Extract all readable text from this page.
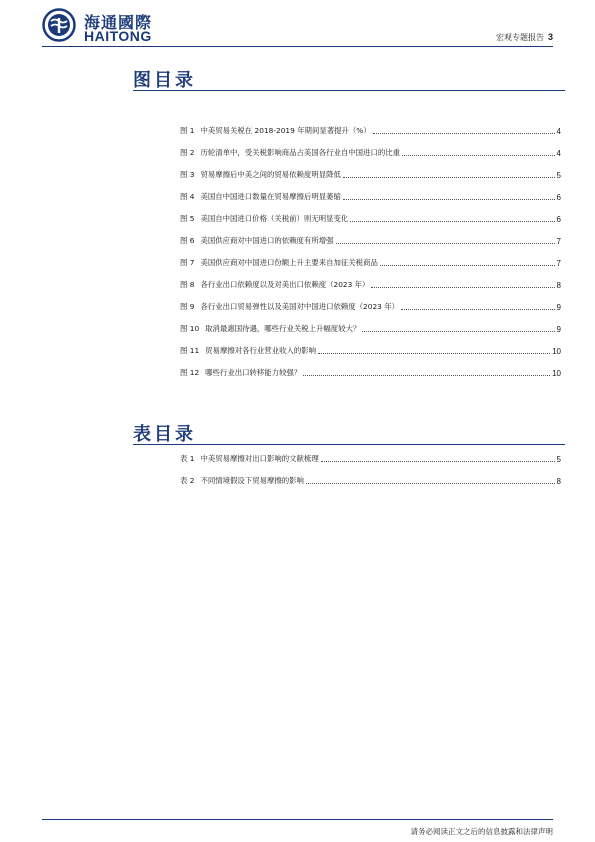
海通國際
HAITONG	宏观专题报告 3
图目录
图 1 中美贸易关税在 2018-2019 年期间显著提升（%）	4
图 2 历轮清单中，受关税影响商品占美国各行业自中国进口的比重	4
图 3 贸易摩擦后中美之间的贸易依赖度明显降低	5
图 4 美国自中国进口数量在贸易摩擦后明显萎缩	6
图 5 美国自中国进口价格（关税前）则无明显变化	6
图 6 美国供应商对中国进口的依赖度有所增强	7
图 7 美国供应商对中国进口份额上升主要来自加征关税商品	7
图 8 各行业出口依赖度以及对美出口依赖度（2023 年）	8
图 9 各行业出口贸易弹性以及美国对中国进口依赖度（2023 年）	9
图 10 取消最惠国待遇，哪些行业关税上升幅度较大？	9
图 11 贸易摩擦对各行业营业收入的影响	10
图 12 哪些行业出口转移能力较强？	10
表目录
表 1 中美贸易摩擦对出口影响的文献梳理	5
表 2 不同情境假设下贸易摩擦的影响	8
请务必阅读正文之后的信息披露和法律声明
